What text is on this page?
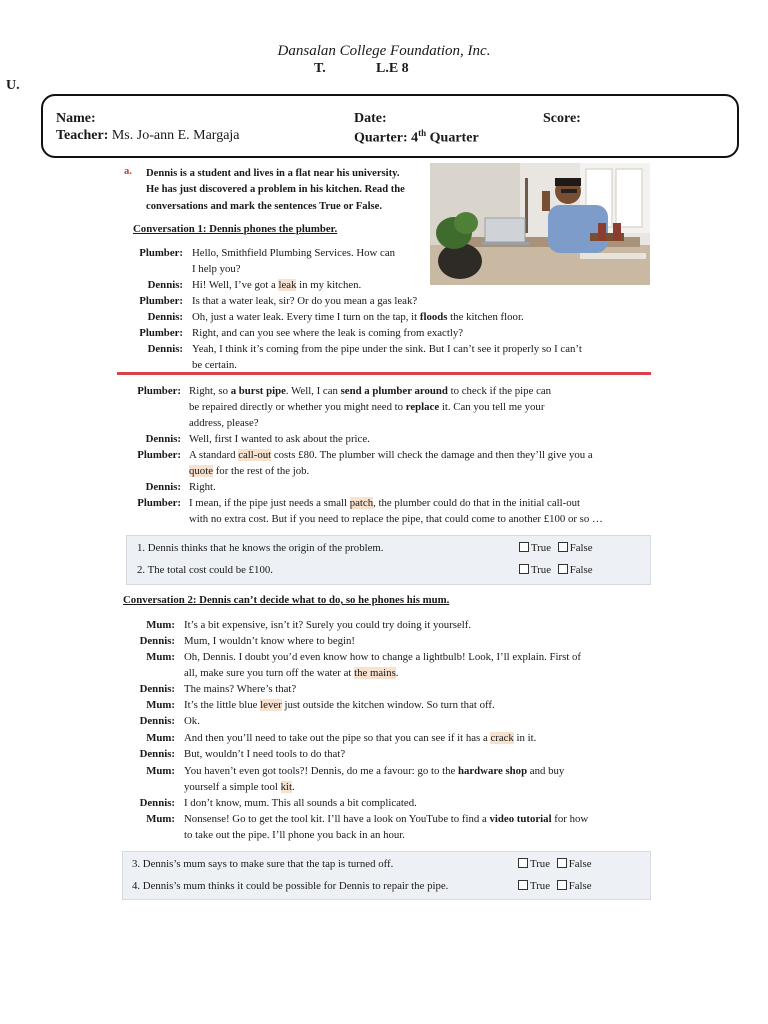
Dansalan College Foundation, Inc.
T.	L.E 8
U.
Name:	Date:	Score:
Teacher: Ms. Jo-ann E. Margaja	Quarter: 4th Quarter
a. Dennis is a student and lives in a flat near his university.
He has just discovered a problem in his kitchen. Read the
conversations and mark the sentences True or False.
Conversation 1: Dennis phones the plumber.
Plumber: Hello, Smithfield Plumbing Services. How can
I help you?
Dennis: Hi! Well, I’ve got a leak in my kitchen.
Plumber: Is that a water leak, sir? Or do you mean a gas leak?
Dennis: Oh, just a water leak. Every time I turn on the tap, it floods the kitchen floor.
Plumber: Right, and can you see where the leak is coming from exactly?
Dennis: Yeah, I think it’s coming from the pipe under the sink. But I can’t see it properly so I can’t
be certain.
Plumber: Right, so a burst pipe. Well, I can send a plumber around to check if the pipe can
be repaired directly or whether you might need to replace it. Can you tell me your
address, please?
Dennis: Well, first I wanted to ask about the price.
Plumber: A standard call-out costs £80. The plumber will check the damage and then they’ll give you a
quote for the rest of the job.
Dennis: Right.
Plumber: I mean, if the pipe just needs a small patch, the plumber could do that in the initial call-out
with no extra cost. But if you need to replace the pipe, that could come to another £100 or so …
1. Dennis thinks that he knows the origin of the problem.	True False
2. The total cost could be £100.	True False
Conversation 2: Dennis can’t decide what to do, so he phones his mum.
Mum: It’s a bit expensive, isn’t it? Surely you could try doing it yourself.
Dennis: Mum, I wouldn’t know where to begin!
Mum: Oh, Dennis. I doubt you’d even know how to change a lightbulb! Look, I’ll explain. First of
all, make sure you turn off the water at the mains.
Dennis: The mains? Where’s that?
Mum: It’s the little blue lever just outside the kitchen window. So turn that off.
Dennis: Ok.
Mum: And then you’ll need to take out the pipe so that you can see if it has a crack in it.
Dennis: But, wouldn’t I need tools to do that?
Mum: You haven’t even got tools?! Dennis, do me a favour: go to the hardware shop and buy
yourself a simple tool kit.
Dennis: I don’t know, mum. This all sounds a bit complicated.
Mum: Nonsense! Go to get the tool kit. I’ll have a look on YouTube to find a video tutorial for how
to take out the pipe. I’ll phone you back in an hour.
3. Dennis’s mum says to make sure that the tap is turned off.	True False
4. Dennis’s mum thinks it could be possible for Dennis to repair the pipe.	True False
